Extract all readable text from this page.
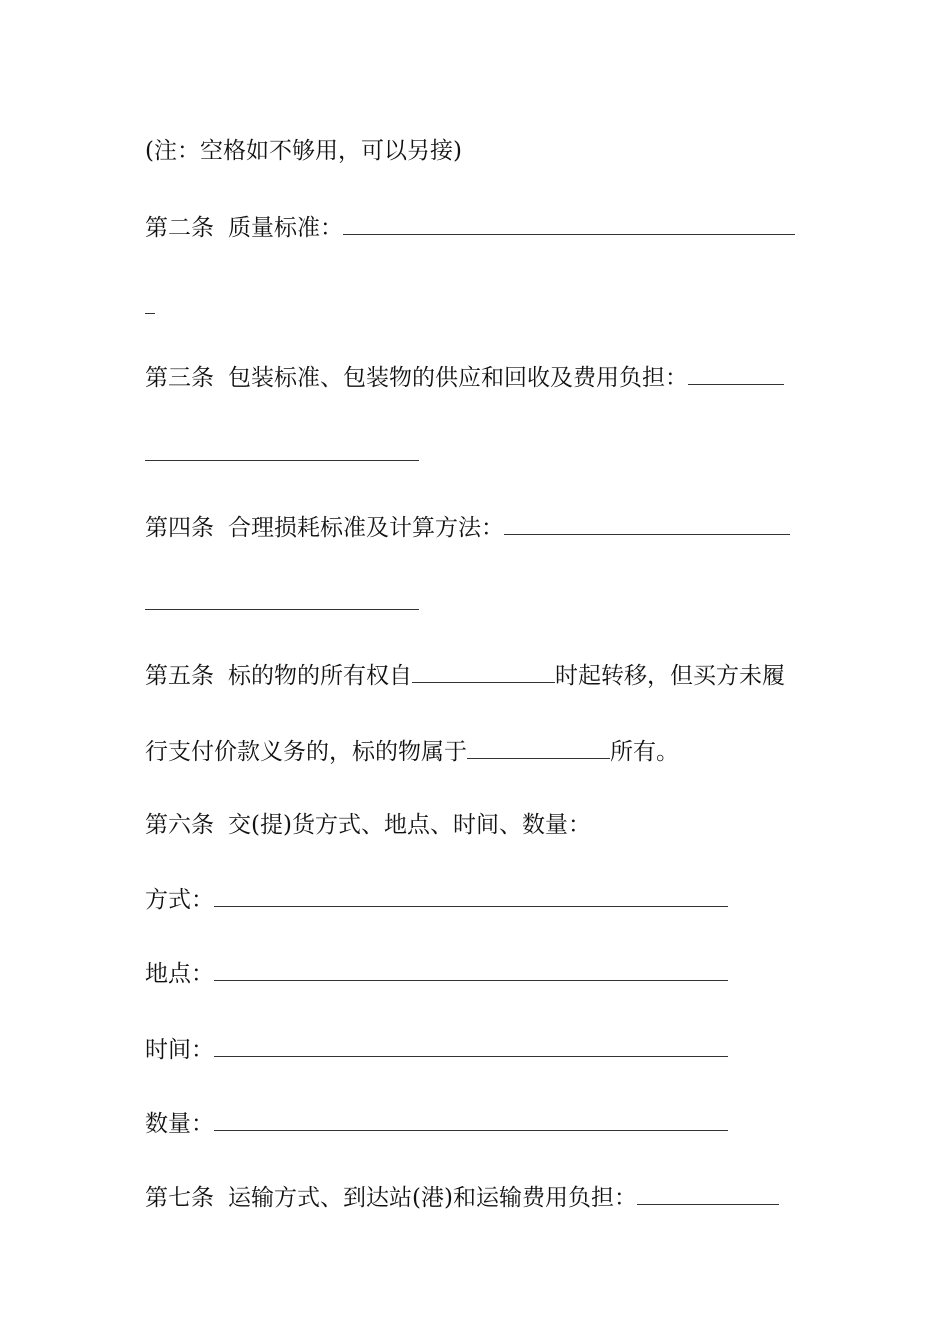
(注：空格如不够用，可以另接)
第二条 质量标准：
第三条 包装标准、包装物的供应和回收及费用负担：
第四条 合理损耗标准及计算方法：
第五条 标的物的所有权自	时起转移，但买方未履
行支付价款义务的，标的物属于	所有。
第六条 交(提)货方式、地点、时间、数量：
方式：
地点：
时间：
数量：
第七条 运输方式、到达站(港)和运输费用负担：
